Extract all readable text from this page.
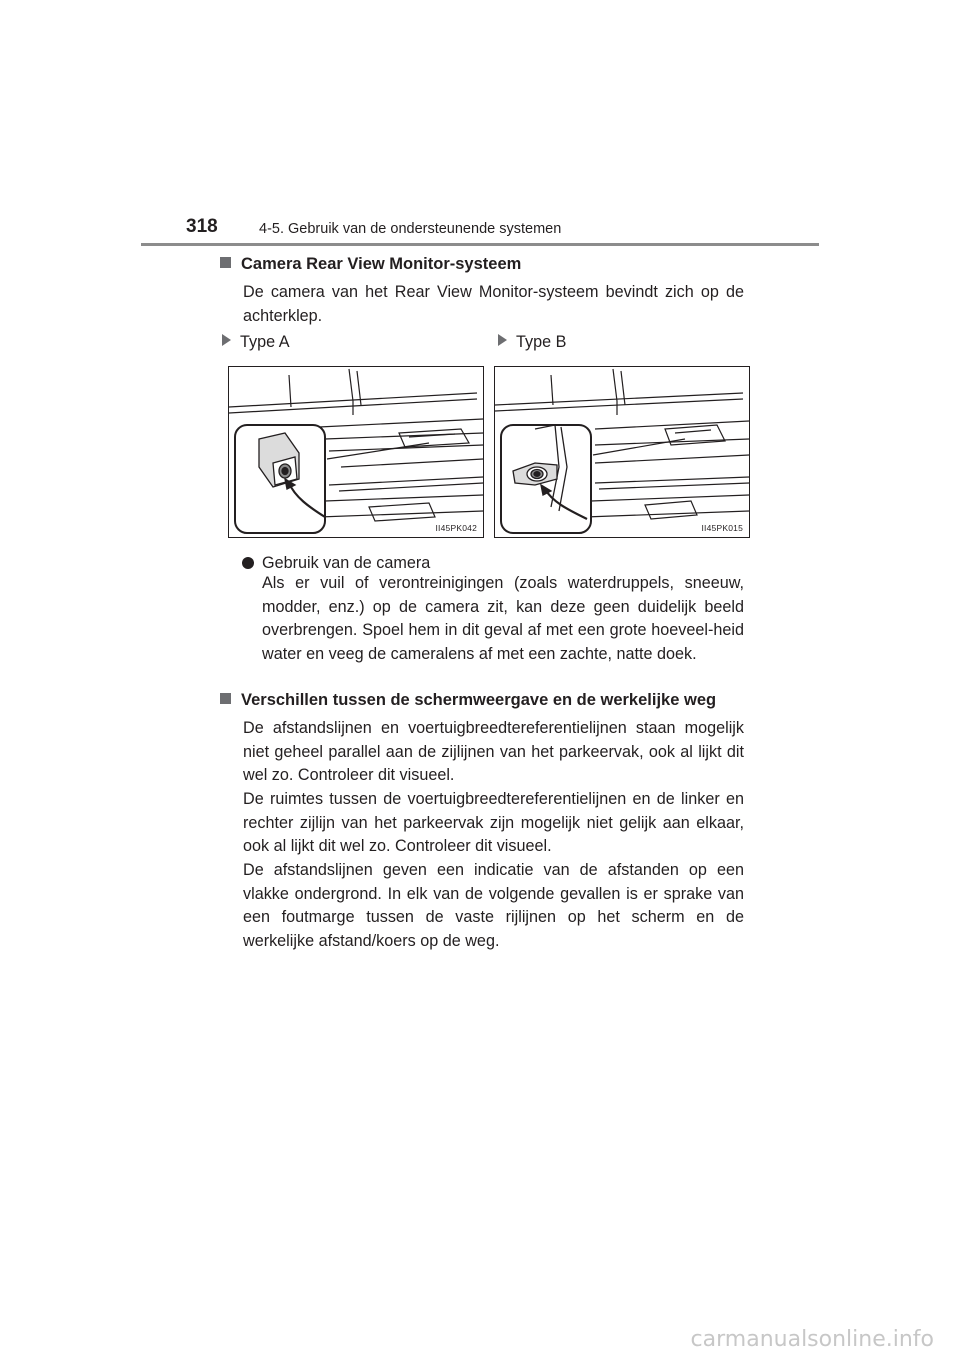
318	4-5. Gebruik van de ondersteunende systemen
Camera Rear View Monitor-systeem

De camera van het Rear View Monitor-systeem bevindt zich op de achterklep.

Type A	Type B
II45PK042	II45PK015
Gebruik van de camera

Als er vuil of verontreinigingen (zoals waterdruppels, sneeuw, modder, enz.) op de camera zit, kan deze geen duidelijk beeld overbrengen. Spoel hem in dit geval af met een grote hoeveel-heid water en veeg de cameralens af met een zachte, natte doek.

Verschillen tussen de schermweergave en de werkelijke weg

De afstandslijnen en voertuigbreedtereferentielijnen staan mogelijk niet geheel parallel aan de zijlijnen van het parkeervak, ook al lijkt dit wel zo. Controleer dit visueel.

De ruimtes tussen de voertuigbreedtereferentielijnen en de linker en rechter zijlijn van het parkeervak zijn mogelijk niet gelijk aan elkaar, ook al lijkt dit wel zo. Controleer dit visueel.

De afstandslijnen geven een indicatie van de afstanden op een vlakke ondergrond. In elk van de volgende gevallen is er sprake van een foutmarge tussen de vaste rijlijnen op het scherm en de werkelijke afstand/koers op de weg.

carmanualsonline.info
